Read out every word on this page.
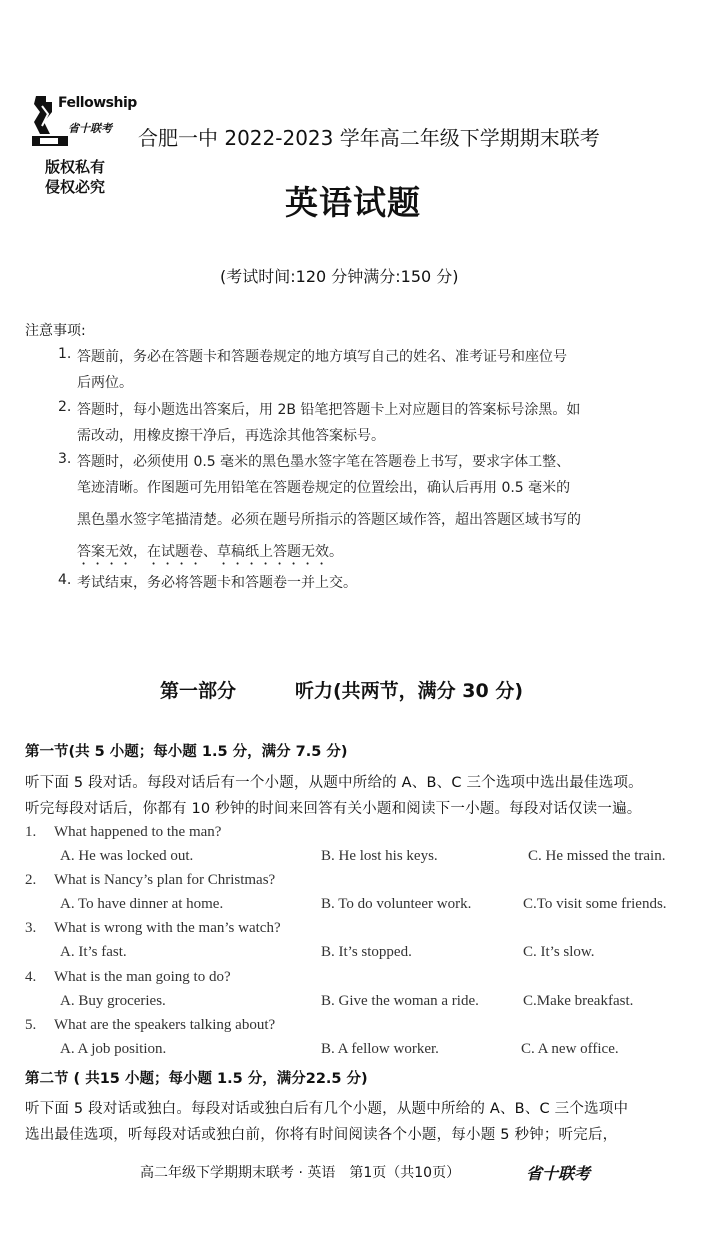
Fellowship
省十联考
版权私有
侵权必究
合肥一中 2022-2023 学年高二年级下学期期末联考
英语试题
(考试时间:120 分钟满分:150 分)
注意事项:
1. 答题前，务必在答题卡和答题卷规定的地方填写自己的姓名、准考证号和座位号
后两位。
2. 答题时，每小题选出答案后，用 2B 铅笔把答题卡上对应题目的答案标号涂黑。如
需改动，用橡皮擦干净后，再选涂其他答案标号。
3. 答题时，必须使用 0.5 毫米的黑色墨水签字笔在答题卷上书写，要求字体工整、
笔迹清晰。作图题可先用铅笔在答题卷规定的位置绘出，确认后再用 0.5 毫米的
黑色墨水签字笔描清楚。必须在题号所指示的答题区域作答，超出答题区域书写的
答案无效，在试题卷、草稿纸上答题无效。
4. 考试结束，务必将答题卡和答题卷一并上交。
第一部分	听力(共两节，满分 30 分)
第一节(共 5 小题；每小题 1.5 分，满分 7.5 分)
听下面 5 段对话。每段对话后有一个小题，从题中所给的 A、B、C 三个选项中选出最佳选项。
听完每段对话后，你都有 10 秒钟的时间来回答有关小题和阅读下一小题。每段对话仅读一遍。
1. What happened to the man?
A. He was locked out.	B. He lost his keys.	C. He missed the train.
2. What is Nancy’s plan for Christmas?
A. To have dinner at home.	B. To do volunteer work.	C.To visit some friends.
3. What is wrong with the man’s watch?
A. It’s fast.	B. It’s stopped.	C. It’s slow.
4. What is the man going to do?
A. Buy groceries.	B. Give the woman a ride.	C.Make breakfast.
5. What are the speakers talking about?
A. A job position.	B. A fellow worker.	C. A new office.
第二节 ( 共15 小题；每小题 1.5 分，满分22.5 分)
听下面 5 段对话或独白。每段对话或独白后有几个小题，从题中所给的 A、B、C 三个选项中
选出最佳选项，听每段对话或独白前，你将有时间阅读各个小题，每小题 5 秒钟；听完后，
高二年级下学期期末联考 · 英语　第1页（共10页）	省十联考
